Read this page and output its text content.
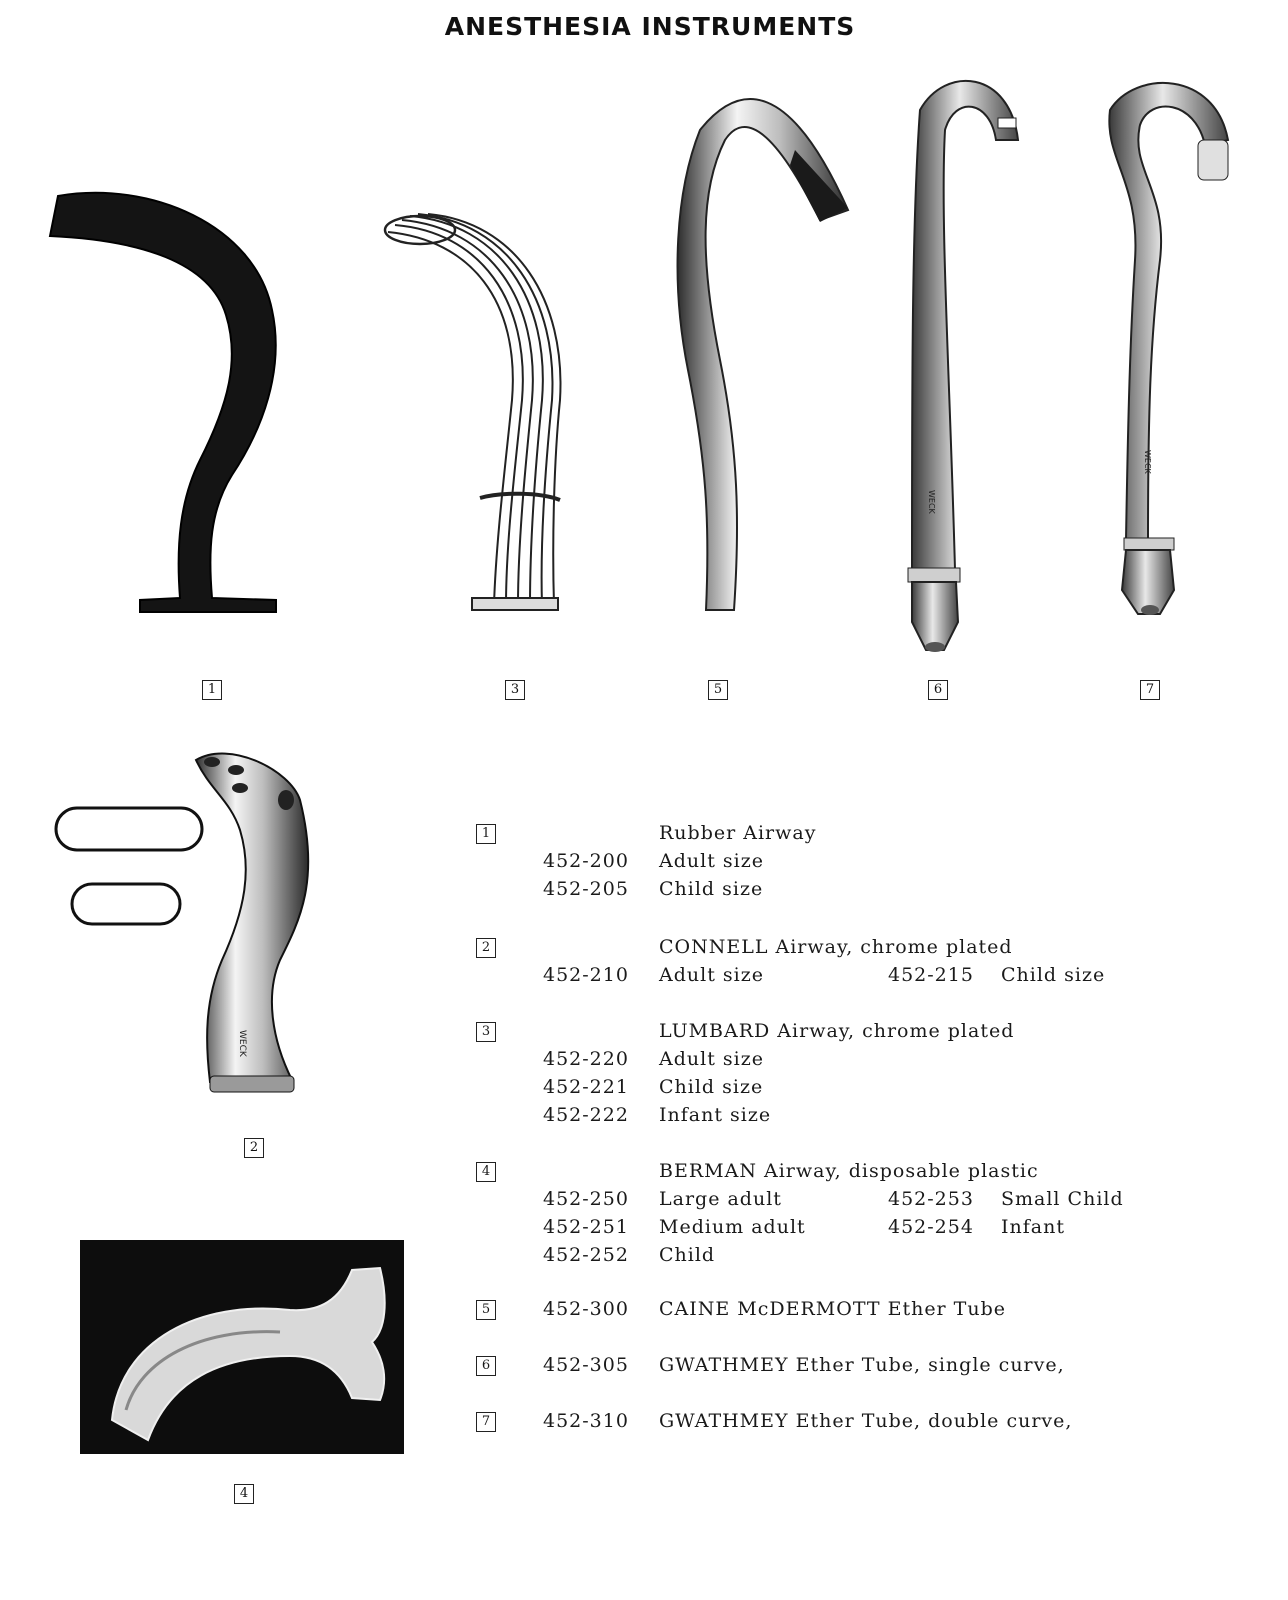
ANESTHESIA INSTRUMENTS
WECK
WECK
WECK
1	3	5	6	7
2
4
1	Rubber Airway
452-200 Adult size
452-205 Child size
2	CONNELL Airway, chrome plated
452-210 Adult size	452-215 Child size
3	LUMBARD Airway, chrome plated
452-220 Adult size
452-221 Child size
452-222 Infant size
4	BERMAN Airway, disposable plastic
452-250 Large adult	452-253 Small Child
452-251 Medium adult	452-254 Infant
452-252 Child
5	452-300 CAINE McDERMOTT Ether Tube
6	452-305 GWATHMEY Ether Tube, single curve,
7	452-310 GWATHMEY Ether Tube, double curve,
